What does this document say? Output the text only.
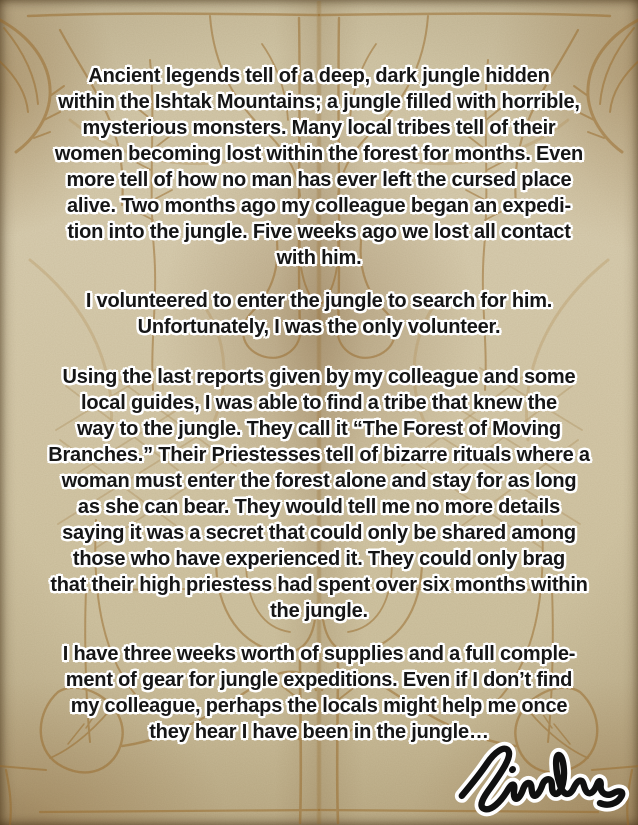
Ancient legends tell of a deep, dark jungle hidden
within the Ishtak Mountains; a jungle filled with horrible,
mysterious monsters. Many local tribes tell of their
women becoming lost within the forest for months. Even
more tell of how no man has ever left the cursed place
alive. Two months ago my colleague began an expedi-
tion into the jungle. Five weeks ago we lost all contact
with him.

I volunteered to enter the jungle to search for him.
Unfortunately, I was the only volunteer.

Using the last reports given by my colleague and some
local guides, I was able to find a tribe that knew the
way to the jungle. They call it “The Forest of Moving
Branches.” Their Priestesses tell of bizarre rituals where a
woman must enter the forest alone and stay for as long
as she can bear. They would tell me no more details
saying it was a secret that could only be shared among
those who have experienced it. They could only brag
that their high priestess had spent over six months within
the jungle.

I have three weeks worth of supplies and a full comple-
ment of gear for jungle expeditions. Even if I don’t find
my colleague, perhaps the locals might help me once
they hear I have been in the jungle…
